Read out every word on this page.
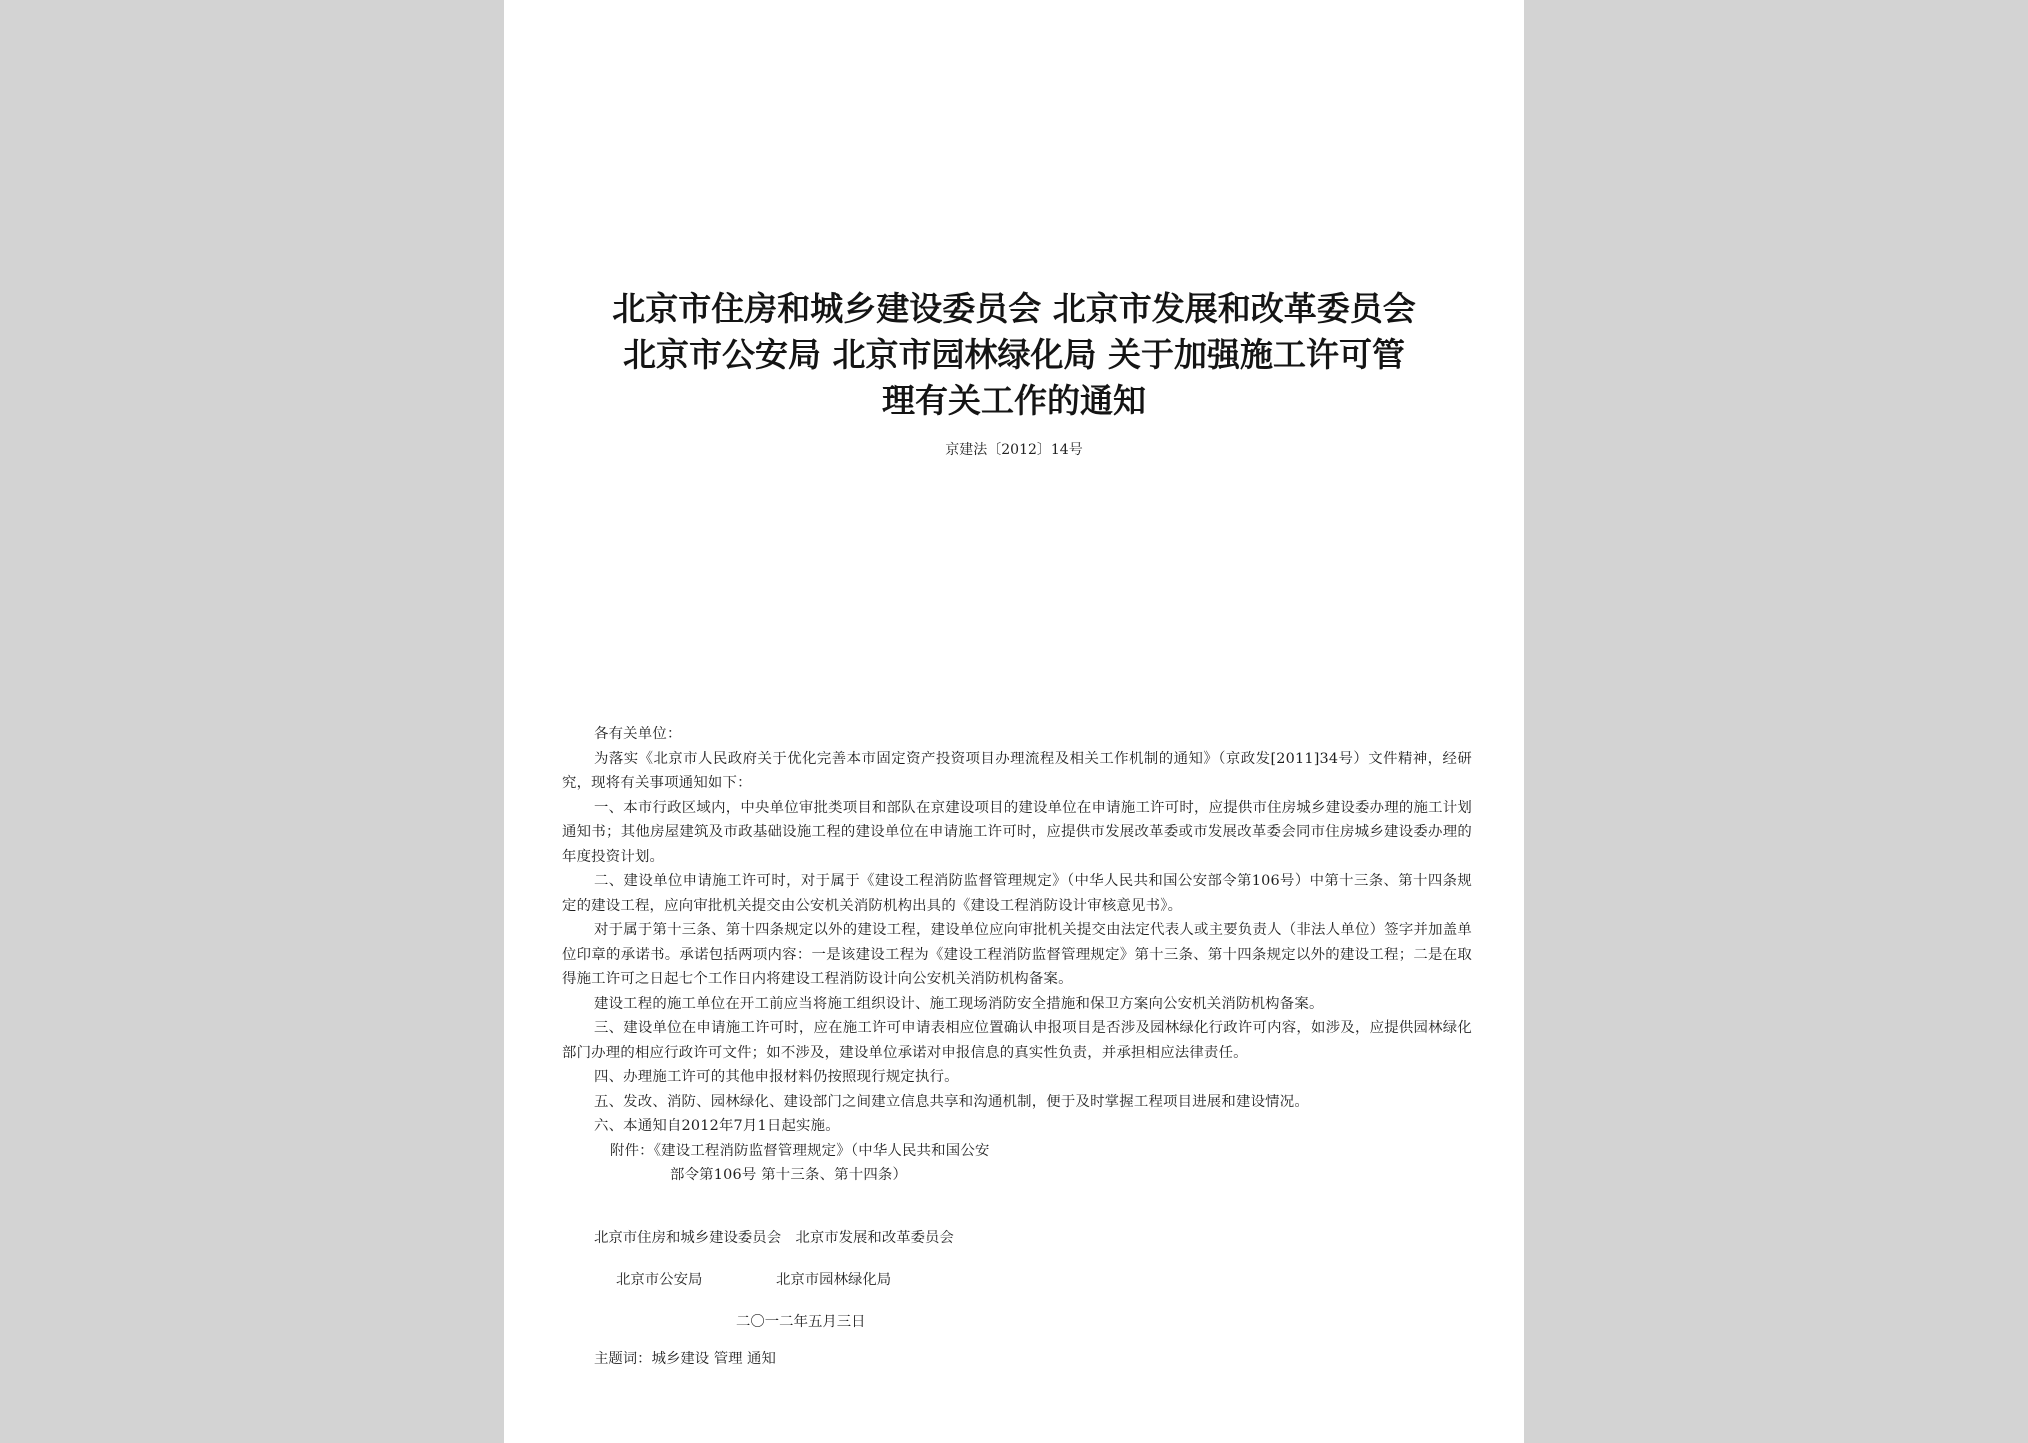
北京市住房和城乡建设委员会 北京市发展和改革委员会
北京市公安局 北京市园林绿化局 关于加强施工许可管
理有关工作的通知
京建法〔2012〕14号

各有关单位：

为落实《北京市人民政府关于优化完善本市固定资产投资项目办理流程及相关工作机制的通知》（京政发[2011]34号）文件精神，经研究，现将有关事项通知如下：

一、本市行政区域内，中央单位审批类项目和部队在京建设项目的建设单位在申请施工许可时，应提供市住房城乡建设委办理的施工计划通知书；其他房屋建筑及市政基础设施工程的建设单位在申请施工许可时，应提供市发展改革委或市发展改革委会同市住房城乡建设委办理的年度投资计划。

二、建设单位申请施工许可时，对于属于《建设工程消防监督管理规定》（中华人民共和国公安部令第106号）中第十三条、第十四条规定的建设工程，应向审批机关提交由公安机关消防机构出具的《建设工程消防设计审核意见书》。

对于属于第十三条、第十四条规定以外的建设工程，建设单位应向审批机关提交由法定代表人或主要负责人（非法人单位）签字并加盖单位印章的承诺书。承诺包括两项内容：一是该建设工程为《建设工程消防监督管理规定》第十三条、第十四条规定以外的建设工程；二是在取得施工许可之日起七个工作日内将建设工程消防设计向公安机关消防机构备案。

建设工程的施工单位在开工前应当将施工组织设计、施工现场消防安全措施和保卫方案向公安机关消防机构备案。

三、建设单位在申请施工许可时，应在施工许可申请表相应位置确认申报项目是否涉及园林绿化行政许可内容，如涉及，应提供园林绿化部门办理的相应行政许可文件；如不涉及，建设单位承诺对申报信息的真实性负责，并承担相应法律责任。

四、办理施工许可的其他申报材料仍按照现行规定执行。

五、发改、消防、园林绿化、建设部门之间建立信息共享和沟通机制，便于及时掌握工程项目进展和建设情况。

六、本通知自2012年7月1日起实施。

附件：《建设工程消防监督管理规定》（中华人民共和国公安

部令第106号 第十三条、第十四条）

北京市住房和城乡建设委员会　北京市发展和改革委员会
北京市公安局	北京市园林绿化局
二〇一二年五月三日
主题词：城乡建设 管理 通知
